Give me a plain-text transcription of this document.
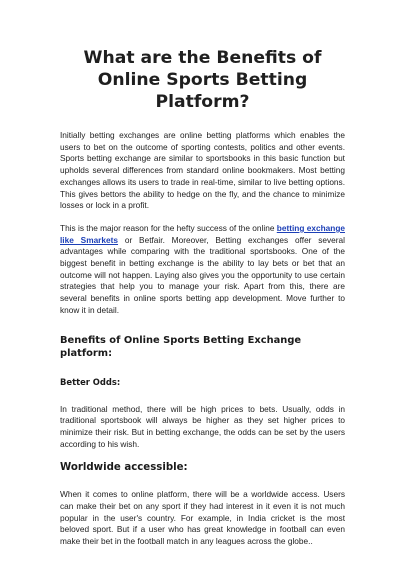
What are the Benefits of Online Sports Betting Platform?

Initially betting exchanges are online betting platforms which enables the users to bet on the outcome of sporting contests, politics and other events. Sports betting exchange are similar to sportsbooks in this basic function but upholds several differences from standard online bookmakers. Most betting exchanges allows its users to trade in real-time, similar to live betting options. This gives bettors the ability to hedge on the fly, and the chance to minimize losses or lock in a profit.

This is the major reason for the hefty success of the online betting exchange like Smarkets or Betfair. Moreover, Betting exchanges offer several advantages while comparing with the traditional sportsbooks. One of the biggest benefit in betting exchange is the ability to lay bets or bet that an outcome will not happen. Laying also gives you the opportunity to use certain strategies that help you to manage your risk. Apart from this, there are several benefits in online sports betting app development. Move further to know it in detail.

Benefits of Online Sports Betting Exchange platform:
Better Odds:

In traditional method, there will be high prices to bets. Usually, odds in traditional sportsbook will always be higher as they set higher prices to minimize their risk. But in betting exchange, the odds can be set by the users according to his wish.

Worldwide accessible:

When it comes to online platform, there will be a worldwide access. Users can make their bet on any sport if they had interest in it even it is not much popular in the user's country. For example, in India cricket is the most beloved sport. But if a user who has great knowledge in football can even make their bet in the football match in any leagues across the globe..
